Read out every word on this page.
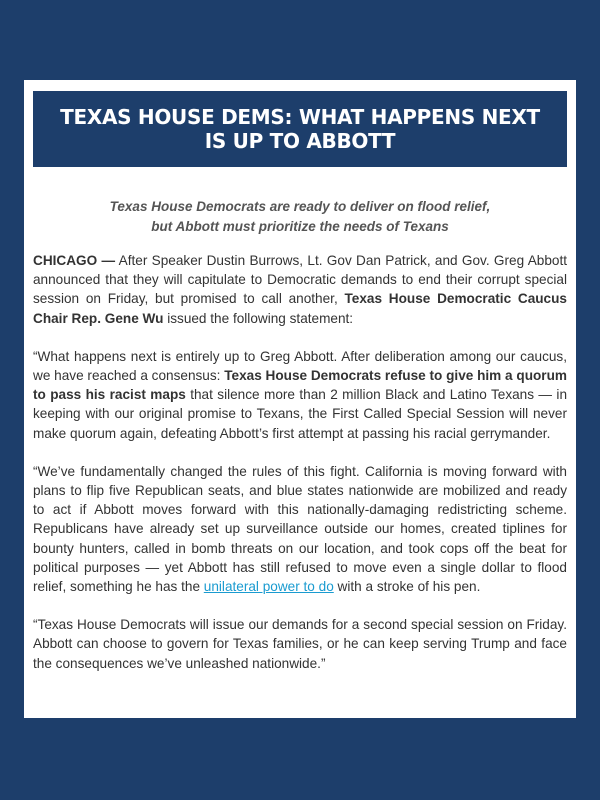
TEXAS HOUSE DEMS: WHAT HAPPENS NEXT
IS UP TO ABBOTT
Texas House Democrats are ready to deliver on flood relief,
but Abbott must prioritize the needs of Texans

CHICAGO — After Speaker Dustin Burrows, Lt. Gov Dan Patrick, and Gov. Greg Abbott announced that they will capitulate to Democratic demands to end their corrupt special session on Friday, but promised to call another, Texas House Democratic Caucus Chair Rep. Gene Wu issued the following statement:

“What happens next is entirely up to Greg Abbott. After deliberation among our caucus, we have reached a consensus: Texas House Democrats refuse to give him a quorum to pass his racist maps that silence more than 2 million Black and Latino Texans — in keeping with our original promise to Texans, the First Called Special Session will never make quorum again, defeating Abbott’s first attempt at passing his racial gerrymander.

“We’ve fundamentally changed the rules of this fight. California is moving forward with plans to flip five Republican seats, and blue states nationwide are mobilized and ready to act if Abbott moves forward with this nationally-damaging redistricting scheme. Republicans have already set up surveillance outside our homes, created tiplines for bounty hunters, called in bomb threats on our location, and took cops off the beat for political purposes — yet Abbott has still refused to move even a single dollar to flood relief, something he has the unilateral power to do with a stroke of his pen.

“Texas House Democrats will issue our demands for a second special session on Friday. Abbott can choose to govern for Texas families, or he can keep serving Trump and face the consequences we’ve unleashed nationwide.”
